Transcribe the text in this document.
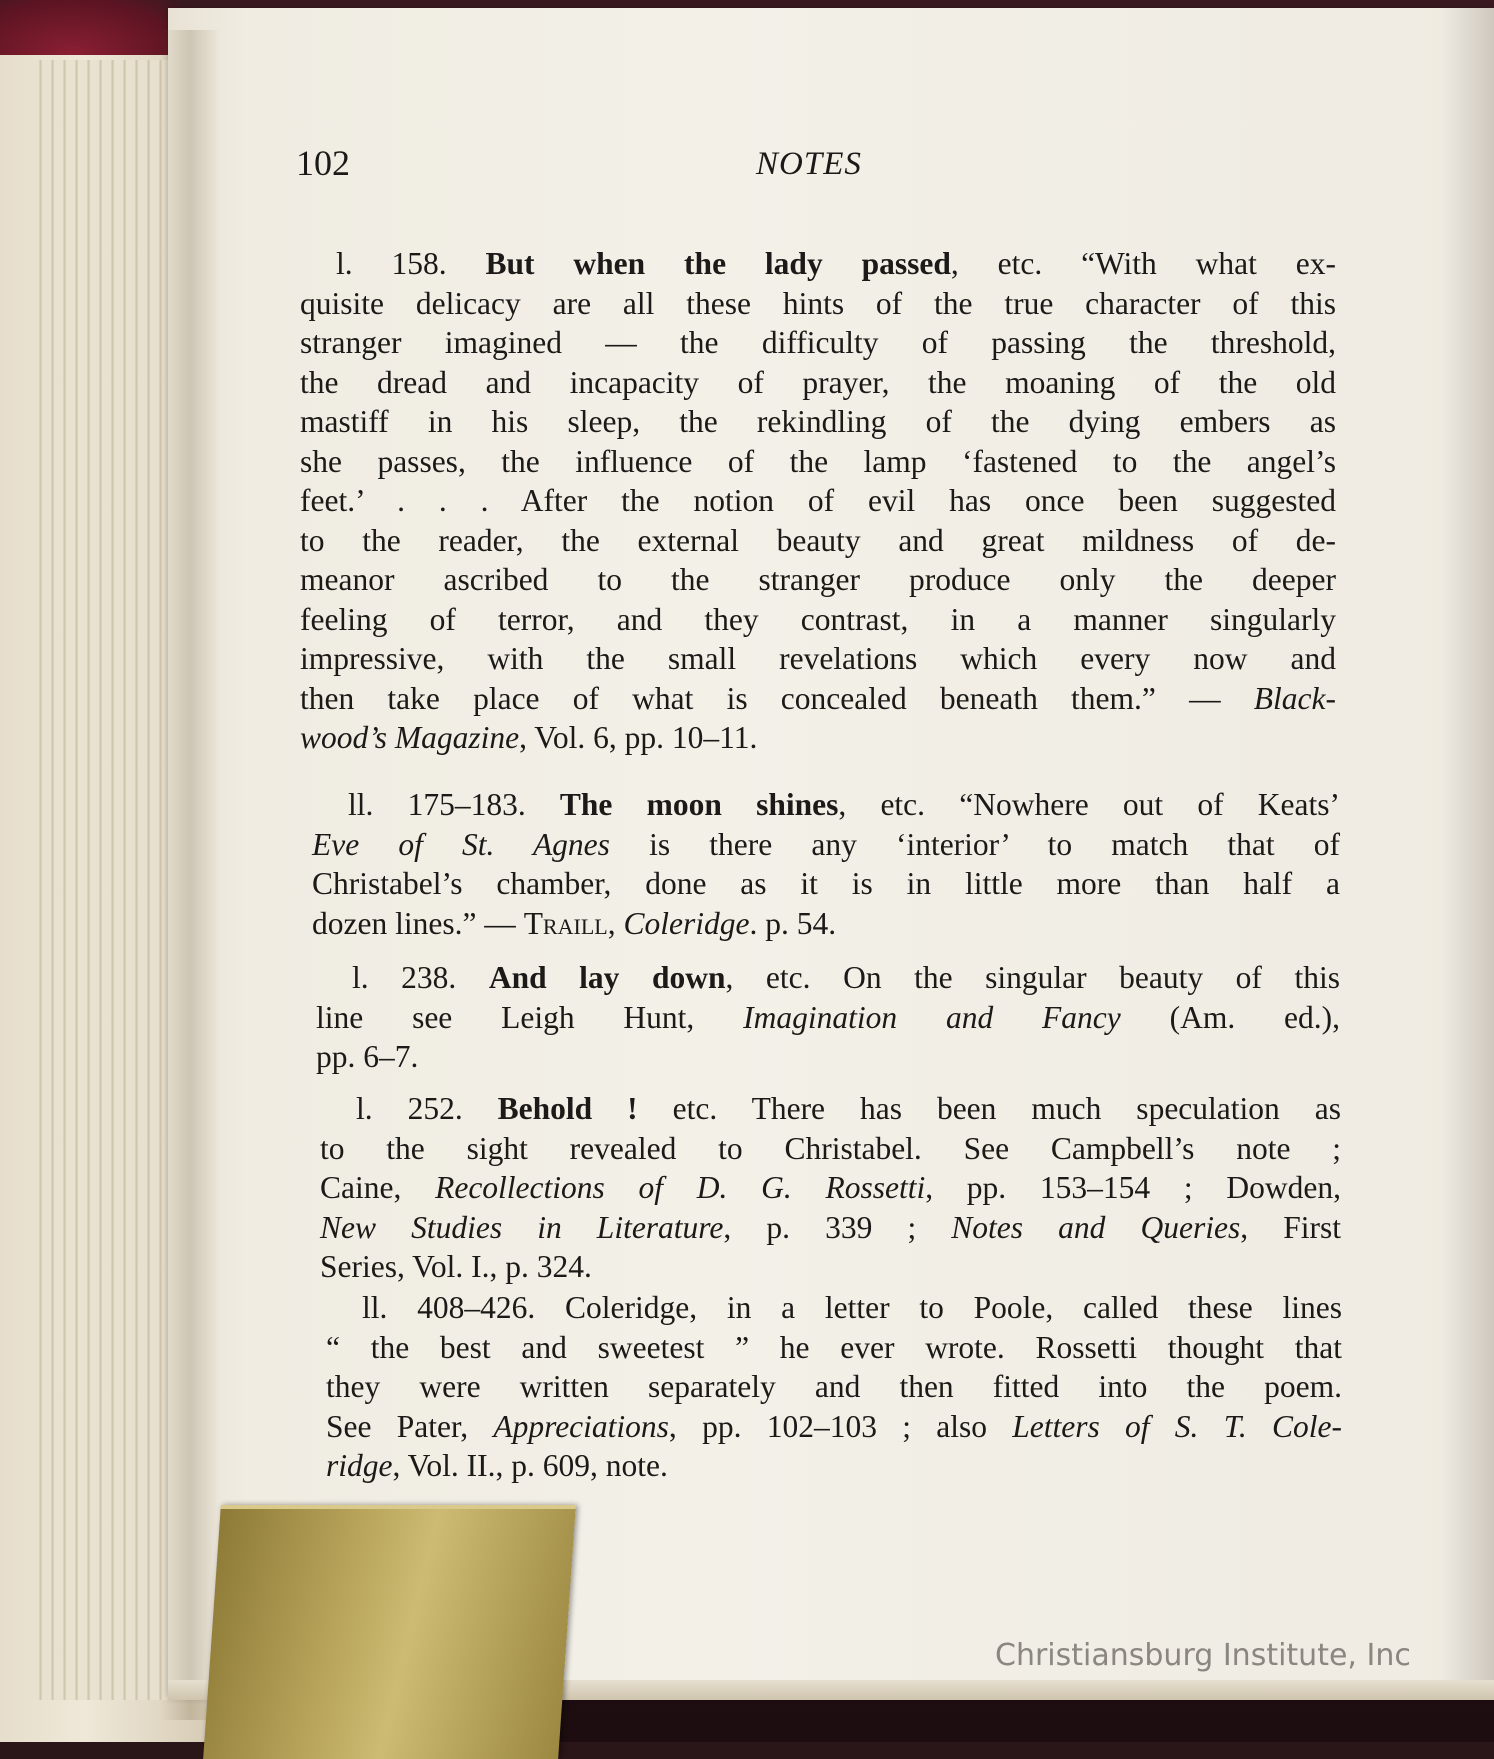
102	NOTES
l. 158. But when the lady passed, etc. “With what ex-
quisite delicacy are all these hints of the true character of this
stranger imagined — the difficulty of passing the threshold,
the dread and incapacity of prayer, the moaning of the old
mastiff in his sleep, the rekindling of the dying embers as
she passes, the influence of the lamp ‘fastened to the angel’s
feet.’ . . . After the notion of evil has once been suggested
to the reader, the external beauty and great mildness of de-
meanor ascribed to the stranger produce only the deeper
feeling of terror, and they contrast, in a manner singularly
impressive, with the small revelations which every now and
then take place of what is concealed beneath them.” — Black-
wood’s Magazine, Vol. 6, pp. 10–11.
ll. 175–183. The moon shines, etc. “Nowhere out of Keats’
Eve of St. Agnes is there any ‘interior’ to match that of
Christabel’s chamber, done as it is in little more than half a
dozen lines.” — Traill, Coleridge. p. 54.
l. 238. And lay down, etc. On the singular beauty of this
line see Leigh Hunt, Imagination and Fancy (Am. ed.),
pp. 6–7.
l. 252. Behold ! etc. There has been much speculation as
to the sight revealed to Christabel. See Campbell’s note ;
Caine, Recollections of D. G. Rossetti, pp. 153–154 ; Dowden,
New Studies in Literature, p. 339 ; Notes and Queries, First
Series, Vol. I., p. 324.
ll. 408–426. Coleridge, in a letter to Poole, called these lines
“ the best and sweetest ” he ever wrote. Rossetti thought that
they were written separately and then fitted into the poem.
See Pater, Appreciations, pp. 102–103 ; also Letters of S. T. Cole-
ridge, Vol. II., p. 609, note.
Christiansburg Institute, Inc
